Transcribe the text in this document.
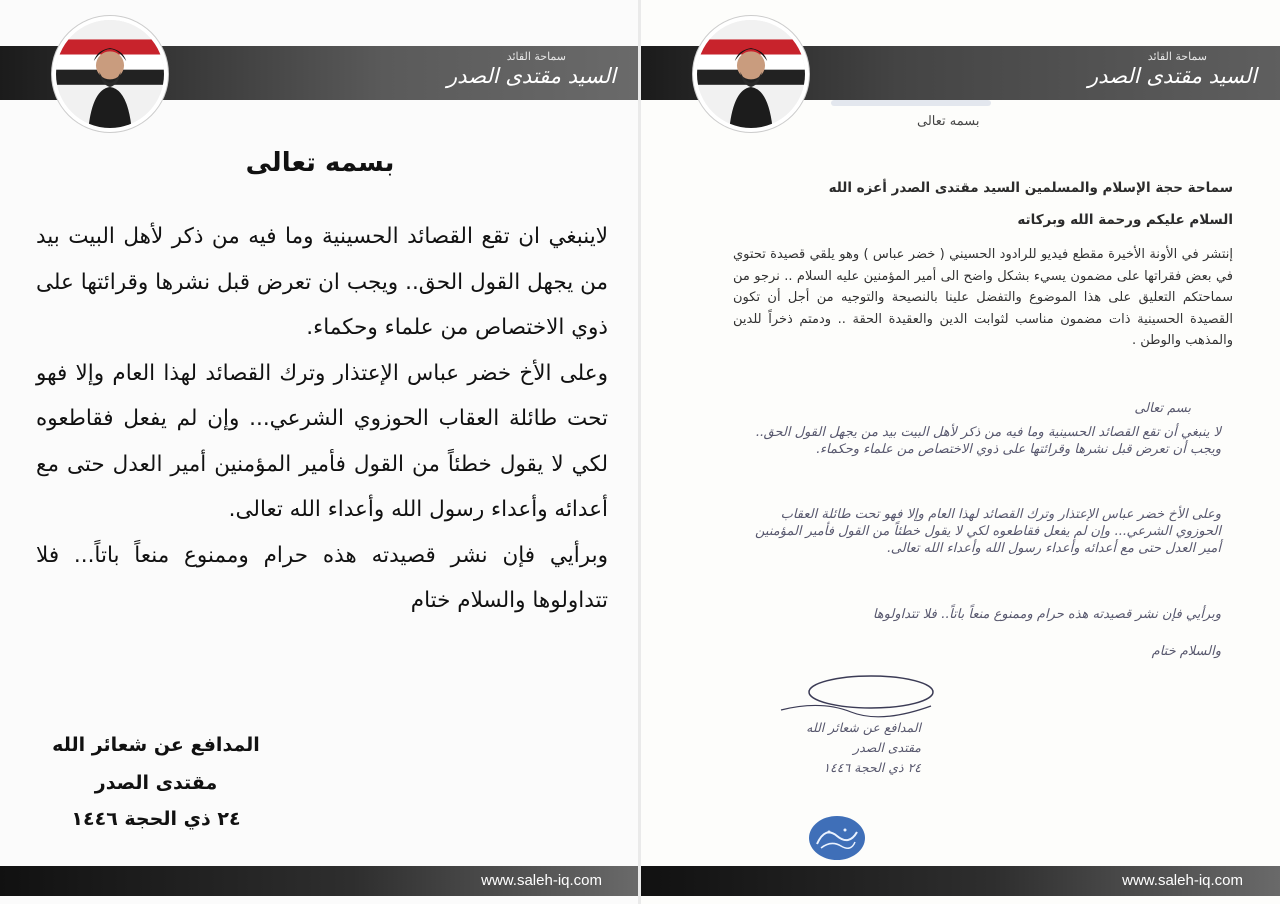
سماحة القائد
السيد مقتدى الصدر
بسمه تعالى

لاينبغي ان تقع القصائد الحسينية وما فيه من ذكر لأهل البيت بيد من يجهل القول الحق.. ويجب ان تعرض قبل نشرها وقرائتها على ذوي الاختصاص من علماء وحكماء.

وعلى الأخ خضر عباس الإعتذار وترك القصائد لهذا العام وإلا فهو تحت طائلة العقاب الحوزوي الشرعي... وإن لم يفعل فقاطعوه لكي لا يقول خطئاً من القول فأمير المؤمنين أمير العدل حتى مع أعدائه وأعداء رسول الله وأعداء الله تعالى.

وبرأيي فإن نشر قصيدته هذه حرام وممنوع منعاً باتاً... فلا تتداولوها والسلام ختام

المدافع عن شعائر الله
مقتدى الصدر
٢٤ ذي الحجة ١٤٤٦
www.saleh-iq.com
سماحة القائد
السيد مقتدى الصدر
بسمه تعالى
سماحة حجة الإسلام والمسلمين السيد مقتدى الصدر أعزه الله
السلام عليكم ورحمة الله وبركاته
إنتشر في الأونة الأخيرة مقطع فيديو للرادود الحسيني ( خضر عباس ) وهو يلقي قصيدة تحتوي في بعض فقراتها على مضمون يسيء بشكل واضح الى أمير المؤمنين عليه السلام .. نرجو من سماحتكم التعليق على هذا الموضوع والتفضل علينا بالنصيحة والتوجيه من أجل أن تكون القصيدة الحسينية ذات مضمون مناسب لثوابت الدين والعقيدة الحقة .. ودمتم ذخراً للدين والمذهب والوطن .
بسم تعالى
لا ينبغي أن تقع القصائد الحسينية وما فيه من ذكر لأهل البيت بيد من يجهل القول الحق.. ويجب أن تعرض قبل نشرها وقرائتها على ذوي الاختصاص من علماء وحكماء.
وعلى الأخ خضر عباس الإعتذار وترك القصائد لهذا العام وإلا فهو تحت طائلة العقاب الحوزوي الشرعي... وإن لم يفعل فقاطعوه لكي لا يقول خطئاً من القول فأمير المؤمنين أمير العدل حتى مع أعدائه وأعداء رسول الله وأعداء الله تعالى.
وبرأيي فإن نشر قصيدته هذه حرام وممنوع منعاً باتاً.. فلا تتداولوها
والسلام ختام
المدافع عن شعائر الله
مقتدى الصدر
٢٤ ذي الحجة ١٤٤٦
www.saleh-iq.com
